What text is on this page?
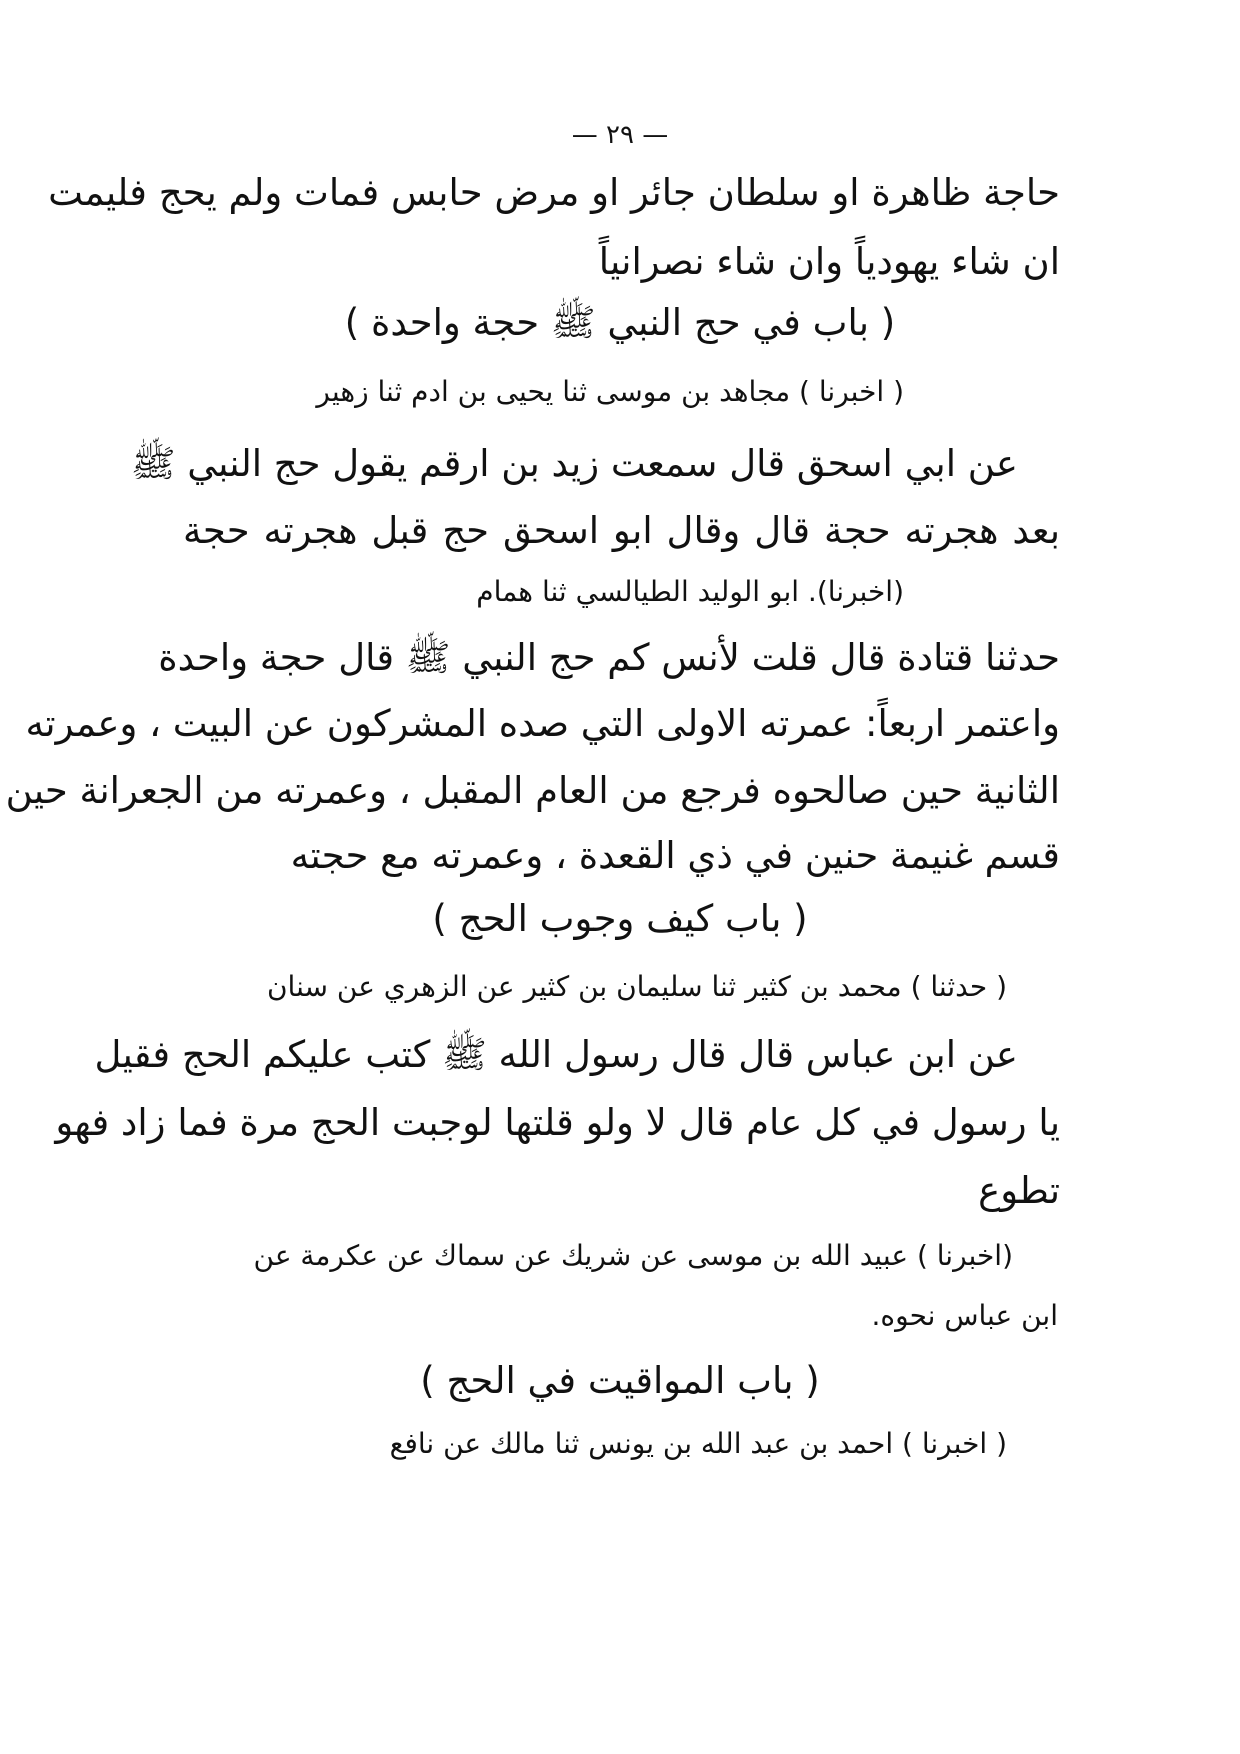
— ٢٩ —
حاجة ظاهرة او سلطان جائر او مرض حابس فمات ولم يحج فليمت
ان شاء يهودياً وان شاء نصرانياً
( باب في حج النبي ﷺ حجة واحدة )
( اخبرنا ) مجاهد بن موسى ثنا يحيى بن ادم ثنا زهير
عن ابي اسحق قال سمعت زيد بن ارقم يقول حج النبي ﷺ
بعد هجرته حجة قال وقال ابو اسحق حج قبل هجرته حجة
(اخبرنا). ابو الوليد الطيالسي ثنا همام
حدثنا قتادة قال قلت لأنس كم حج النبي ﷺ قال حجة واحدة
واعتمر اربعاً: عمرته الاولى التي صده المشركون عن البيت ، وعمرته
الثانية حين صالحوه فرجع من العام المقبل ، وعمرته من الجعرانة حين
قسم غنيمة حنين في ذي القعدة ، وعمرته مع حجته
( باب كيف وجوب الحج )
( حدثنا ) محمد بن كثير ثنا سليمان بن كثير عن الزهري عن سنان
عن ابن عباس قال قال رسول الله ﷺ كتب عليكم الحج فقيل
يا رسول في كل عام قال لا ولو قلتها لوجبت الحج مرة فما زاد فهو
تطوع
(اخبرنا ) عبيد الله بن موسى عن شريك عن سماك عن عكرمة عن
ابن عباس نحوه.
( باب المواقيت في الحج )
( اخبرنا ) احمد بن عبد الله بن يونس ثنا مالك عن نافع
